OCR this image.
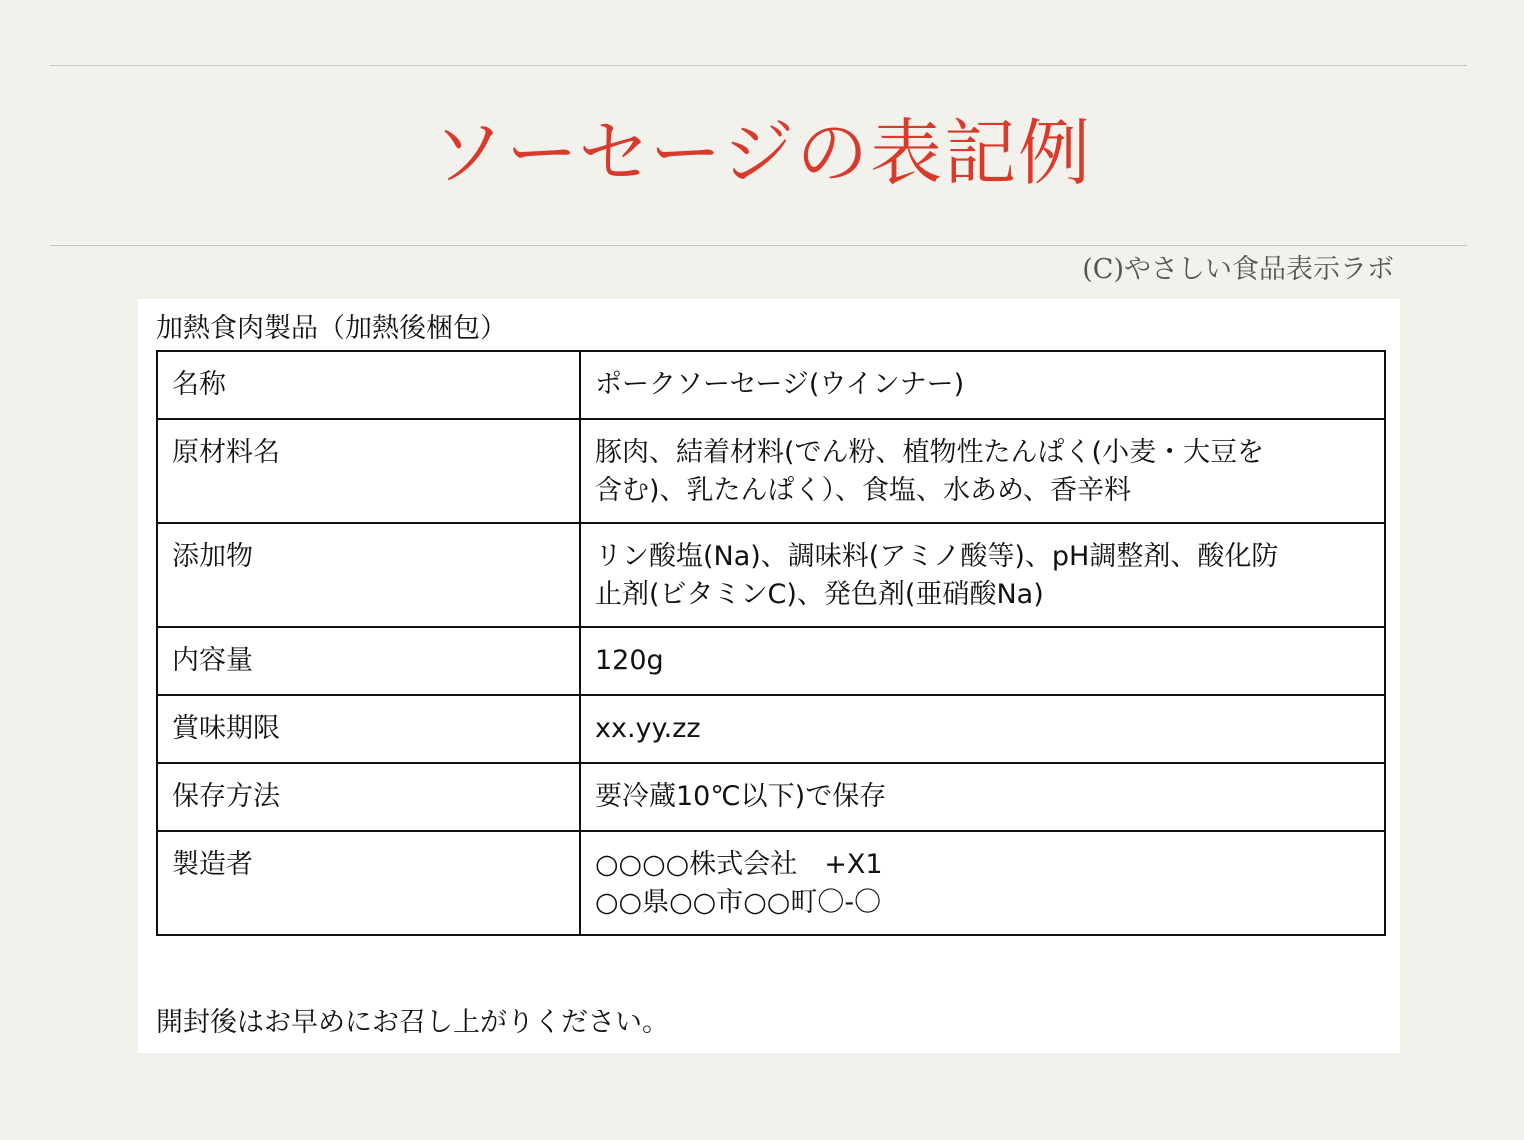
ソーセージの表記例
(C)やさしい食品表示ラボ
加熱食肉製品（加熱後梱包）
名称	ポークソーセージ(ウインナー)
原材料名	豚肉、結着材料(でん粉、植物性たんぱく(小麦・大豆を
含む)、乳たんぱく）、食塩、水あめ、香辛料
添加物	リン酸塩(Na)、調味料(アミノ酸等)、pH調整剤、酸化防
止剤(ビタミンC)、発色剤(亜硝酸Na)
内容量	120g
賞味期限	xx.yy.zz
保存方法	要冷蔵10℃以下)で保存
製造者	○○○○株式会社　+X1
○○県○○市○○町〇-〇
開封後はお早めにお召し上がりください。
